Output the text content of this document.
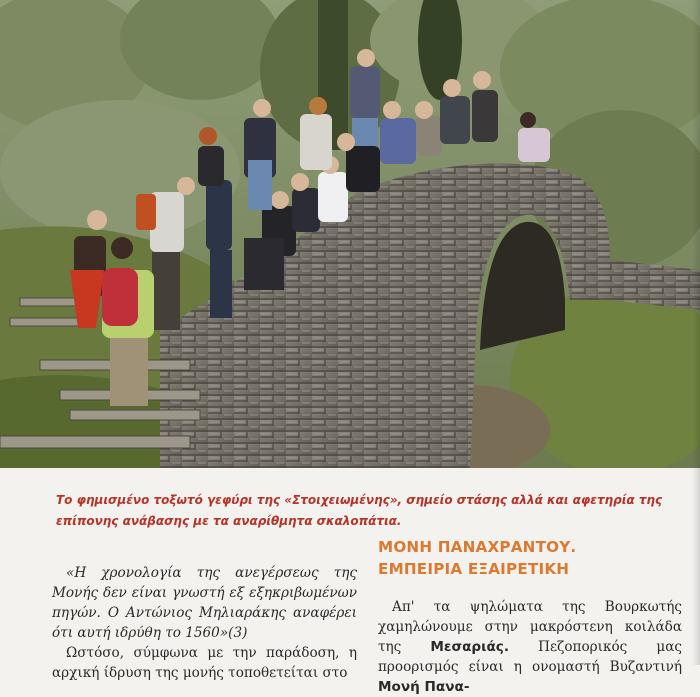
Το φημισμένο τοξωτό γεφύρι της «Στοιχειωμένης», σημείο στάσης αλλά και αφετηρία της επίπονης ανάβασης με τα αναρίθμητα σκαλοπάτια.

«Η χρονολογία της ανεγέρσεως της Μονής δεν είναι γνωστή εξ εξηκριβωμένων πηγών. Ο Αντώνιος Μηλιαράκης αναφέρει ότι αυτή ιδρύθη το 1560»(3)

Ωστόσο, σύμφωνα με την παράδοση, η αρχική ίδρυση της μονής τοποθετείται στο

ΜΟΝΗ ΠΑΝΑΧΡΑΝΤΟΥ.
ΕΜΠΕΙΡΙΑ ΕΞΑΙΡΕΤΙΚΗ

Απ' τα ψηλώματα της Βουρκωτής χαμηλώνουμε στην μακρόστενη κοιλάδα της Μεσαριάς. Πεζοπορικός μας προορισμός είναι η ονομαστή Βυζαντινή Μονή Πανα-
